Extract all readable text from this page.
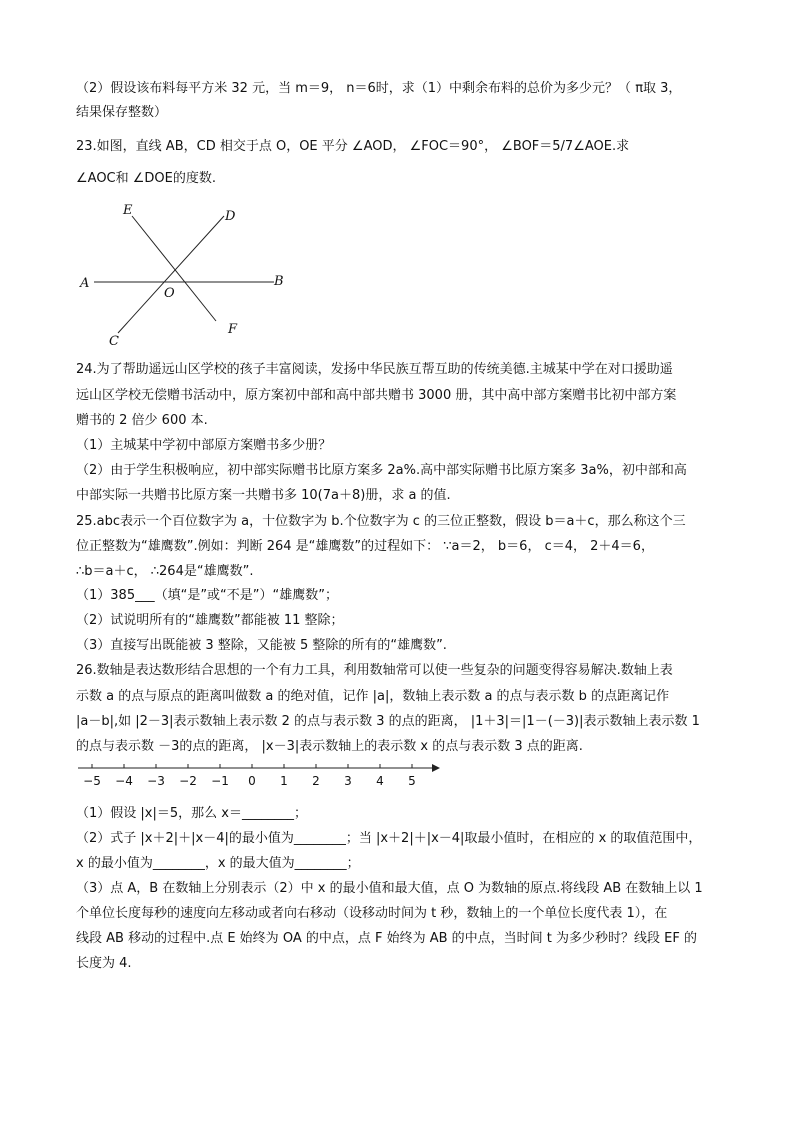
（2）假设该布料每平方米 32 元，当 m＝9， n＝6时，求（1）中剩余布料的总价为多少元？（ π取 3，
结果保存整数）
23.如图，直线 AB，CD 相交于点 O，OE 平分 ∠AOD， ∠FOC＝90°， ∠BOF＝5/7∠AOE.求
∠AOC和 ∠DOE的度数.
E	D
A
O
B
C
F
24.为了帮助遥远山区学校的孩子丰富阅读，发扬中华民族互帮互助的传统美德.主城某中学在对口援助遥
远山区学校无偿赠书活动中，原方案初中部和高中部共赠书 3000 册，其中高中部方案赠书比初中部方案
赠书的 2 倍少 600 本.
（1）主城某中学初中部原方案赠书多少册？
（2）由于学生积极响应，初中部实际赠书比原方案多 2a%.高中部实际赠书比原方案多 3a%，初中部和高
中部实际一共赠书比原方案一共赠书多 10(7a＋8)册，求 a 的值.
25.abc表示一个百位数字为 a，十位数字为 b.个位数字为 c 的三位正整数，假设 b＝a＋c，那么称这个三
位正整数为“雄鹰数”.例如：判断 264 是“雄鹰数”的过程如下： ∵a＝2， b＝6， c＝4， 2＋4＝6，
∴b＝a＋c， ∴264是“雄鹰数”.
（1）385___（填“是”或“不是”）“雄鹰数”；
（2）试说明所有的“雄鹰数”都能被 11 整除；
（3）直接写出既能被 3 整除，又能被 5 整除的所有的“雄鹰数”.
26.数轴是表达数形结合思想的一个有力工具，利用数轴常可以使一些复杂的问题变得容易解决.数轴上表
示数 a 的点与原点的距离叫做数 a 的绝对值，记作 |a|，数轴上表示数 a 的点与表示数 b 的点距离记作
|a－b|,如 |2－3|表示数轴上表示数 2 的点与表示数 3 的点的距离， |1＋3|＝|1－(－3)|表示数轴上表示数 1
的点与表示数 －3的点的距离， |x－3|表示数轴上的表示数 x 的点与表示数 3 点的距离.
−5 −4 −3 −2 −1 0 1 2 3 4 5
（1）假设 |x|＝5，那么 x＝________；
（2）式子 |x＋2|＋|x－4|的最小值为________；当 |x＋2|＋|x－4|取最小值时，在相应的 x 的取值范围中，
x 的最小值为________，x 的最大值为________；
（3）点 A，B 在数轴上分别表示（2）中 x 的最小值和最大值，点 O 为数轴的原点.将线段 AB 在数轴上以 1
个单位长度每秒的速度向左移动或者向右移动（设移动时间为 t 秒，数轴上的一个单位长度代表 1），在
线段 AB 移动的过程中.点 E 始终为 OA 的中点，点 F 始终为 AB 的中点，当时间 t 为多少秒时？线段 EF 的
长度为 4.
